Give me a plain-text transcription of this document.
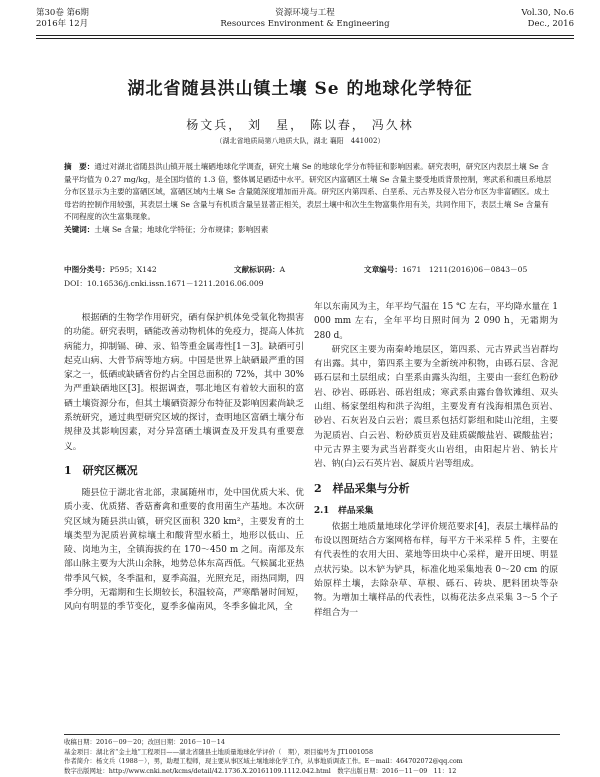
第30卷 第6期
2016年 12月
资源环境与工程
Resources Environment & Engineering
Vol.30, No.6
Dec., 2016
湖北省随县洪山镇土壤 Se 的地球化学特征
杨文兵， 刘　星， 陈以春， 冯久林
（湖北省地质局第八地质大队，湖北 襄阳　441002）

摘　要：通过对湖北省随县洪山镇开展土壤硒地球化学调查，研究土壤 Se 的地球化学分布特征和影响因素。研究表明，研究区内表层土壤 Se 含量平均值为 0.27 mg/kg，是全国均值的 1.3 倍，整体属足硒适中水平。研究区内富硒区土壤 Se 含量主要受地质背景控制，寒武系和震旦系地层分布区显示为主要的富硒区域，富硒区域内土壤 Se 含量随深度增加而升高。研究区内第四系、白垩系、元古界及侵入岩分布区为非富硒区。成土母岩的控制作用较强，其表层土壤 Se 含量与有机质含量呈显著正相关，表层土壤中和次生生物富集作用有关，共同作用下，表层土壤 Se 含量有不同程度的次生富集现象。

关键词：土壤 Se 含量；地球化学特征；分布规律；影响因素

中图分类号：P595；X142	文献标识码：A	文章编号：1671　1211(2016)06－0843－05
DOI：10.16536/j.cnki.issn.1671－1211.2016.06.009

根据硒的生物学作用研究，硒有保护机体免受氧化物损害的功能。研究表明，硒能改善动物机体的免疫力，提高人体抗病能力，抑制镉、砷、汞、铅等重金属毒性[1－3]。缺硒可引起克山病、大骨节病等地方病。中国是世界上缺硒最严重的国家之一，低硒或缺硒省份约占全国总面积的 72%，其中 30% 为严重缺硒地区[3]。根据调查，鄂北地区有着较大面积的富硒土壤资源分布，但其土壤硒资源分布特征及影响因素尚缺乏系统研究，通过典型研究区域的探讨，查明地区富硒土壤分布规律及其影响因素，对分异富硒土壤调查及开发具有重要意义。

1　研究区概况

随县位于湖北省北部，隶属随州市，处中国优质大米、优质小麦、优质猪、香菇畜禽和重要的食用菌生产基地。本次研究区域为随县洪山镇，研究区面积 320 km²，主要发育的土壤类型为泥质岩黄棕壤土和酸背型水稻土，地形以低山、丘陵、岗地为主，全镇海拔约在 170～450 m 之间。南部及东部山脉主要为大洪山余脉，地势总体东高西低。气候属北亚热带季风气候，冬季温和，夏季高温，光照充足，雨热同期，四季分明，无霜期和生长期较长，积温较高，严寒酷暑时间短，风向有明显的季节变化，夏季多偏南风，冬季多偏北风，全

年以东南风为主，年平均气温在 15 ℃ 左右，平均降水量在 1 000 mm 左右，全年平均日照时间为 2 090 h，无霜期为 280 d。

研究区主要为南秦岭地层区，第四系、元古界武当岩群均有出露。其中，第四系主要为全新统冲积物，由砾石层、含泥砾石层和土层组成；白垩系由露头沟组，主要由一套红色粉砂岩、砂岩、砾砾岩、砾岩组成；寒武系由露台鲁钦滩组、双头山组、杨家堡组构和洪子沟组，主要发育有浅海相黑色页岩、砂岩、石灰岩及白云岩；震旦系包括灯影组和陡山沱组，主要为泥质岩、白云岩、粉砂质页岩及硅质碳酸盐岩、碳酸盐岩；中元古界主要为武当岩群变火山岩组，由阳起片岩、钠长片岩、钠(白)云石英片岩、凝质片岩等组成。

2　样品采集与分析

2.1　样品采集

依据土地质量地球化学评价规范要求[4]，表层土壤样品的布设以图斑结合方案网格布样，每平方千米采样 5 件，主要在有代表性的农用大田、菜地等田块中心采样，避开田埂、明显点状污染。以木铲为铲具，标准化地采集地表 0～20 cm 的原始原样土壤，去除杂草、草根、砾石、砖块、肥料团块等杂物。为增加土壤样品的代表性，以梅花法多点采集 3～5 个子样组合为一

收稿日期：2016－09－20；改回日期：2016－10－14
基金项目：湖北省“金土地”工程项目——湖北省随县土地质量地球化学评价（　期），项目编号为 JT1001058
作者简介：杨文兵（1988－），男，助理工程师，现主要从事区域土壤地球化学工作，从事地质调查工作。E－mail：464702072@qq.com
数字出版网址：http://www.cnki.net/kcms/detail/42.1736.X.20161109.1112.042.html　数字出版日期：2016－11－09　11：12
